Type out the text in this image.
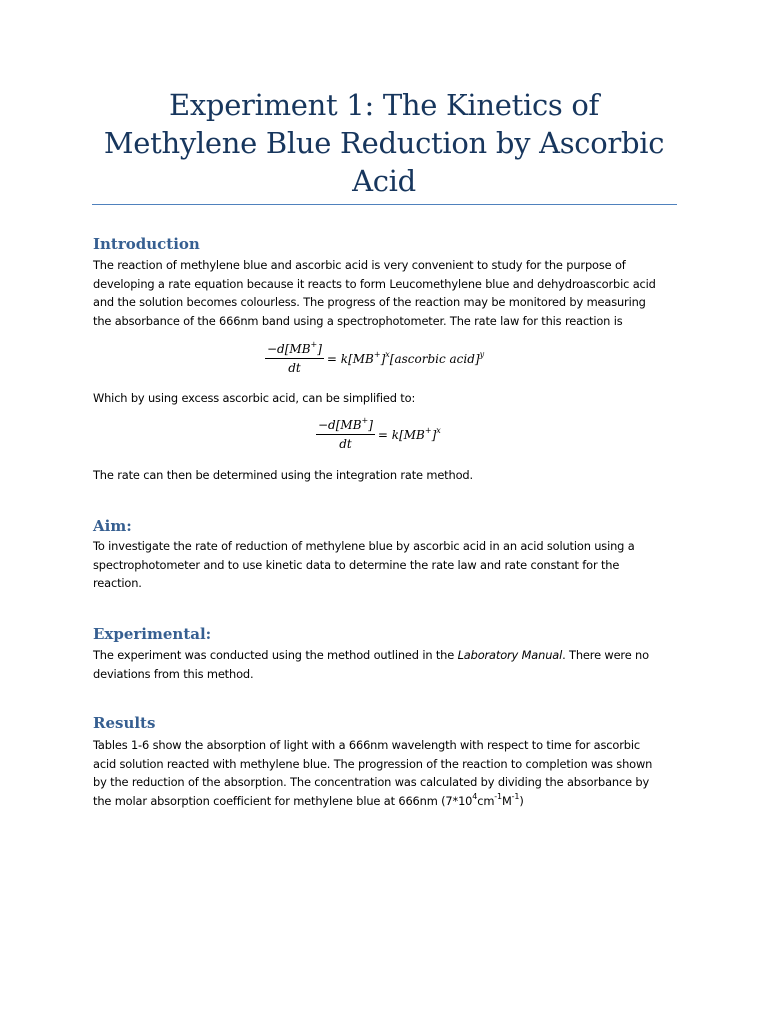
Experiment 1: The Kinetics of
Methylene Blue Reduction by Ascorbic
Acid
Introduction
The reaction of methylene blue and ascorbic acid is very convenient to study for the purpose of
developing a rate equation because it reacts to form Leucomethylene blue and dehydroascorbic acid
and the solution becomes colourless. The progress of the reaction may be monitored by measuring
the absorbance of the 666nm band using a spectrophotometer. The rate law for this reaction is
$\frac{-d[MB^+]}{dt}$ = $k[MB^+]^x[ascorbic$ acid]$^y$

Which by using excess ascorbic acid, can be simplified to:

$\frac{-d[MB^+]}{dt} = k[MB^+]^x$

The rate can then be determined using the integration rate method.

Aim:
To investigate the rate of reduction of methylene blue by ascorbic acid in an acid solution using a
spectrophotometer and to use kinetic data to determine the rate law and rate constant for the
reaction.
Experimental:
The experiment was conducted using the method outlined in the Laboratory Manual. There were no
deviations from this method.
Results
Tables 1-6 show the absorption of light with a 666nm wavelength with respect to time for ascorbic
acid solution reacted with methylene blue. The progression of the reaction to completion was shown
by the reduction of the absorption. The concentration was calculated by dividing the absorbance by
the molar absorption coefficient for methylene blue at 666nm $(7*10^4cm^{-1}M^{-1})$
